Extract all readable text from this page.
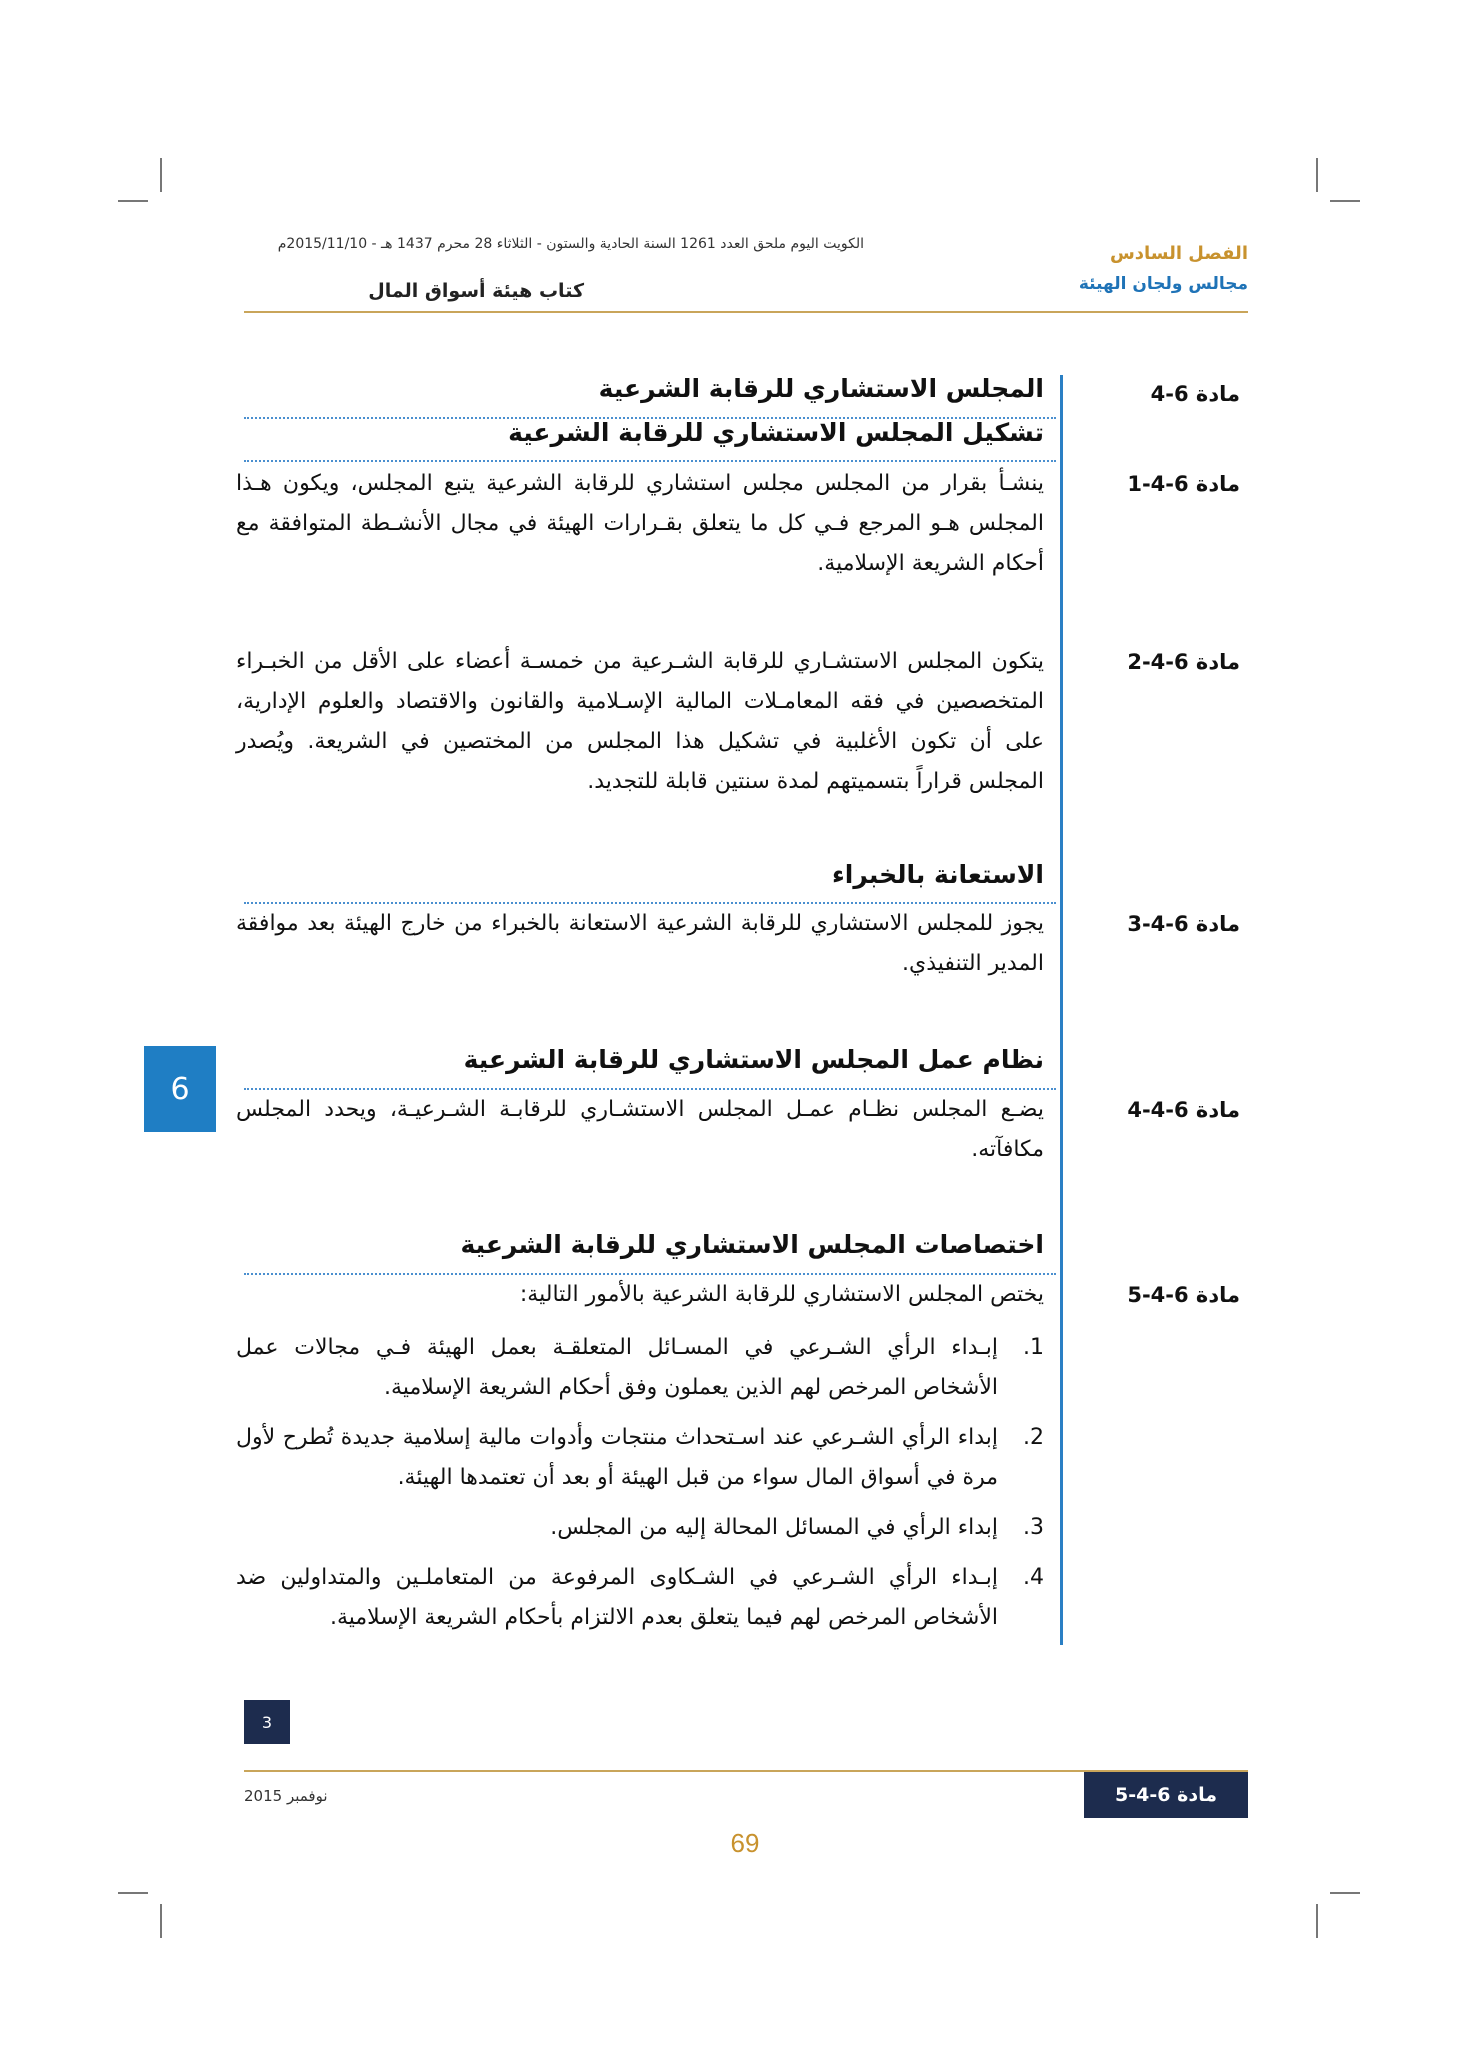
الكويت اليوم ملحق العدد 1261 السنة الحادية والستون - الثلاثاء 28 محرم 1437 هـ - 2015/11/10م
كتاب هيئة أسواق المال
الفصل السادس
مجالس ولجان الهيئة
مادة 6-4
المجلس الاستشاري للرقابة الشرعية
تشكيل المجلس الاستشاري للرقابة الشرعية
مادة 6-4-1
ينشـأ بقرار من المجلس مجلس استشاري للرقابة الشرعية يتبع المجلس، ويكون هـذا المجلس هـو المرجع فـي كل ما يتعلق بقـرارات الهيئة في مجال الأنشـطة المتوافقة مع أحكام الشريعة الإسلامية.
مادة 6-4-2
يتكون المجلس الاستشـاري للرقابة الشـرعية من خمسـة أعضاء على الأقل من الخبـراء المتخصصين في فقه المعامـلات المالية الإسـلامية والقانون والاقتصاد والعلوم الإدارية، على أن تكون الأغلبية في تشكيل هذا المجلس من المختصين في الشريعة. ويُصدر المجلس قراراً بتسميتهم لمدة سنتين قابلة للتجديد.
الاستعانة بالخبراء
مادة 6-4-3
يجوز للمجلس الاستشاري للرقابة الشرعية الاستعانة بالخبراء من خارج الهيئة بعد موافقة المدير التنفيذي.
نظام عمل المجلس الاستشاري للرقابة الشرعية
مادة 6-4-4
يضـع المجلس نظـام عمـل المجلس الاستشـاري للرقابـة الشـرعيـة، ويحدد المجلس مكافآته.
اختصاصات المجلس الاستشاري للرقابة الشرعية
مادة 6-4-5
يختص المجلس الاستشاري للرقابة الشرعية بالأمور التالية:
1.
إبـداء الرأي الشـرعي في المسـائل المتعلقـة بعمل الهيئة فـي مجالات عمل الأشخاص المرخص لهم الذين يعملون وفق أحكام الشريعة الإسلامية.
2.
إبداء الرأي الشـرعي عند اسـتحداث منتجات وأدوات مالية إسلامية جديدة تُطرح لأول مرة في أسواق المال سواء من قبل الهيئة أو بعد أن تعتمدها الهيئة.
3.
إبداء الرأي في المسائل المحالة إليه من المجلس.
4.
إبـداء الرأي الشـرعي في الشـكاوى المرفوعة من المتعاملـين والمتداولين ضد الأشخاص المرخص لهم فيما يتعلق بعدم الالتزام بأحكام الشريعة الإسلامية.
6
3
نوفمبر 2015	مادة 6-4-5
69
